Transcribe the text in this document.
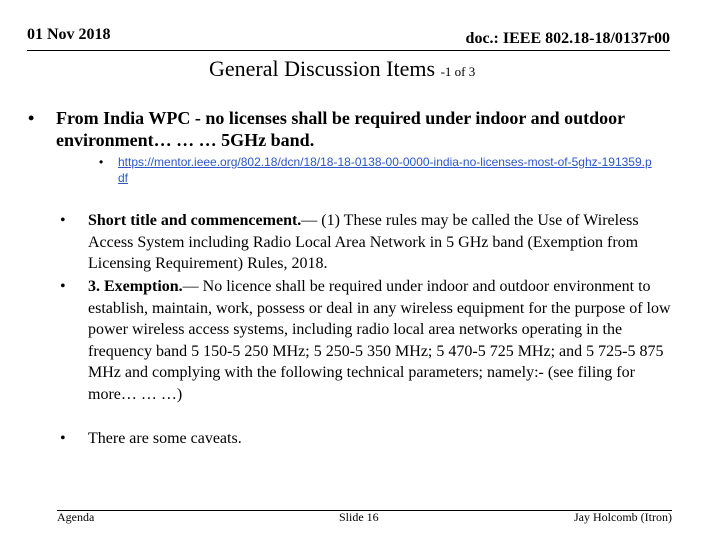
01 Nov 2018	doc.: IEEE 802.18-18/0137r00
General Discussion Items -1 of 3
• From India WPC - no licenses shall be required under indoor and outdoor environment… … … 5GHz band.
• https://mentor.ieee.org/802.18/dcn/18/18-18-0138-00-0000-india-no-licenses-most-of-5ghz-191359.pdf
• Short title and commencement.— (1) These rules may be called the Use of Wireless Access System including Radio Local Area Network in 5 GHz band (Exemption from Licensing Requirement) Rules, 2018.
• 3. Exemption.— No licence shall be required under indoor and outdoor environment to establish, maintain, work, possess or deal in any wireless equipment for the purpose of low power wireless access systems, including radio local area networks operating in the frequency band 5 150-5 250 MHz; 5 250-5 350 MHz; 5 470-5 725 MHz; and 5 725-5 875 MHz and complying with the following technical parameters; namely:- (see filing for more… … …)
• There are some caveats.
Agenda	Slide 16	Jay Holcomb (Itron)
